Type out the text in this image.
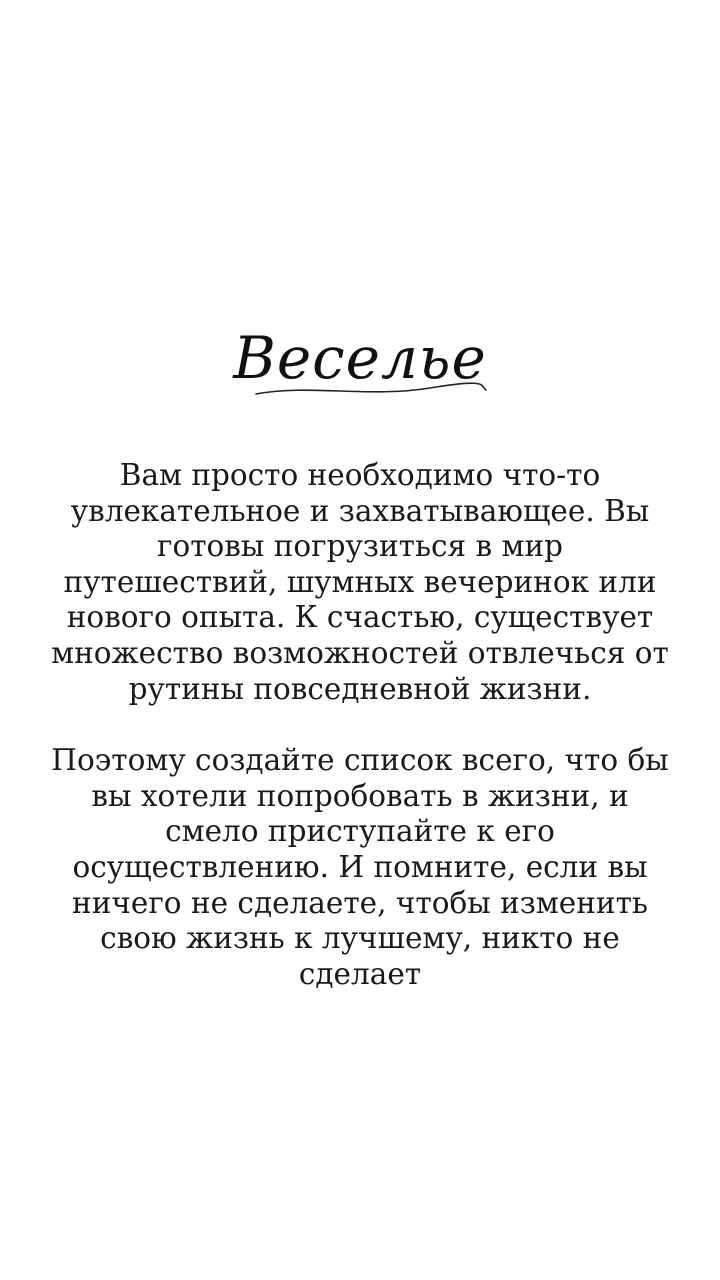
Веселье
Вам просто необходимо что-то
увлекательное и захватывающее. Вы
готовы погрузиться в мир
путешествий, шумных вечеринок или
нового опыта. К счастью, существует
множество возможностей отвлечься от
рутины повседневной жизни.
Поэтому создайте список всего, что бы
вы хотели попробовать в жизни, и
смело приступайте к его
осуществлению. И помните, если вы
ничего не сделаете, чтобы изменить
свою жизнь к лучшему, никто не
сделает
